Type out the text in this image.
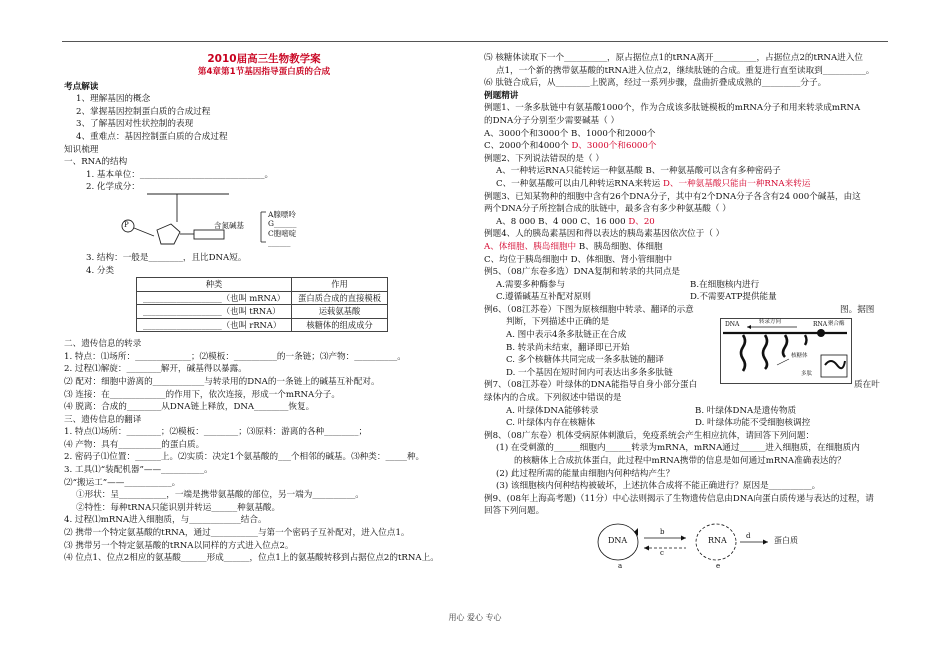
2010届高三生物教学案
第4章第1节基因指导蛋白质的合成
考点解读
1、理解基因的概念
2、掌握基因控制蛋白质的合成过程
3、了解基因对性状控制的表现
4、重难点：基因控制蛋白质的合成过程
知识梳理
一、RNA的结构
1. 基本单位：_____________________________。
2. 化学成分：
P	含氮碱基
A腺嘌呤
G______
C胞嘧啶
______
3. 结构：一般是________，且比DNA短。
4. 分类
种类	作用
___________________（也叫 mRNA）	蛋白质合成的直接模板
___________________（也叫 tRNA）	运载氨基酸
___________________（也叫 rRNA）	核糖体的组成成分
二、遗传信息的转录
1. 特点：⑴场所：_____________；⑵模板：__________的一条链；⑶产物：__________。
2. 过程⑴解旋：________解开，碱基得以暴露。
⑵ 配对：细胞中游离的____________与转录用的DNA的一条链上的碱基互补配对。
⑶ 连接：在_____________的作用下，依次连接，形成一个mRNA分子。
⑷ 脱离：合成的________从DNA链上释放，DNA________恢复。
三、遗传信息的翻译
1. 特点⑴场所：________；⑵模板：________；⑶原料：游离的各种________；
⑷ 产物：具有__________的蛋白质。
2. 密码子⑴位置：______上。⑵实质：决定1个氨基酸的___个相邻的碱基。⑶种类：_____种。
3. 工具⑴“装配机器”——__________。
⑵“搬运工”——___________。
①形状：呈___________，一端是携带氨基酸的部位，另一端为__________。
②特性：每种tRNA只能识别并转运______种氨基酸。
4. 过程⑴mRNA进入细胞质，与____________结合。
⑵ 携带一个特定氨基酸的tRNA，通过___________与第一个密码子互补配对，进入位点1。
⑶ 携带另一个特定氨基酸的tRNA以同样的方式进入位点2。
⑷ 位点1、位点2相应的氨基酸______形成______，位点1上的氨基酸转移到占据位点2的tRNA上。
⑸ 核糖体读取下一个__________，原占据位点1的tRNA离开__________，占据位点2的tRNA进入位
点1，一个新的携带氨基酸的tRNA进入位点2，继续肽链的合成。重复进行直至读取到__________。
⑹ 肽链合成后，从________上脱离，经过一系列步骤，盘曲折叠成成熟的_________分子。
例题精讲
例题1、一条多肽链中有氨基酸1000个，作为合成该多肽链模板的mRNA分子和用来转录成mRNA
的DNA分子分别至少需要碱基（ ）
A、3000个和3000个 B、1000个和2000个
C、2000个和4000个 D、3000个和6000个
例题2、下列说法错误的是（ ）
A、一种转运RNA只能转运一种氨基酸 B、一种氨基酸可以含有多种密码子
C、一种氨基酸可以由几种转运RNA来转运 D、一种氨基酸只能由一种RNA来转运
例题3、已知某物种的细胞中含有26个DNA分子，其中有2个DNA分子各含有24 000个碱基，由这
两个DNA分子所控制合成的肽链中，最多含有多少种氨基酸（ ）
A、8 000 B、4 000 C、16 000 D、20
例题4、人的胰岛素基因和得以表达的胰岛素基因依次位于（ ）
A、体细胞、胰岛细胞中 B、胰岛细胞、体细胞
C、均位于胰岛细胞中 D、体细胞、肾小管细胞中
例5、（08广东卷多选）DNA复制和转录的共同点是
A.需要多种酶参与	B.在细胞核内进行
C.遵循碱基互补配对原则	D.不需要ATP提供能量
例6、（08江苏卷）下图为原核细胞中转录、翻译的示意	图。据图
判断，下列描述中正确的是
A. 图中表示4条多肽链正在合成
B. 转录尚未结束，翻译即已开始
C. 多个核糖体共同完成一条多肽链的翻译
D. 一个基因在短时间内可表达出多条多肽链
DNA	转录方向	RNA 聚合酶
核糖体
多肽
例7、（08江苏卷）叶绿体的DNA能指导自身小部分蛋白	质在叶
绿体内的合成。下列叙述中错误的是
A. 叶绿体DNA能够转录	B. 叶绿体DNA是遗传物质
C. 叶绿体内存在核糖体	D. 叶绿体功能不受细胞核调控
例8、（08广东卷）机体受病原体刺激后，免疫系统会产生相应抗体，请回答下列问题：
(1) 在受刺激的______细胞内______转录为mRNA，mRNA通过______进入细胞质，在细胞质内
的核糖体上合成抗体蛋白，此过程中mRNA携带的信息是如何通过mRNA准确表达的？
(2) 此过程所需的能量由细胞内何种结构产生？
(3) 该细胞核内何种结构被破坏，上述抗体合成将不能正确进行？原因是__________。
例9、(08年上海高考题)（11分）中心法则揭示了生物遗传信息由DNA向蛋白质传递与表达的过程，请
回答下列问题。
DNA	RNA	蛋白质
a
b
c
d
e
用心 爱心 专心
